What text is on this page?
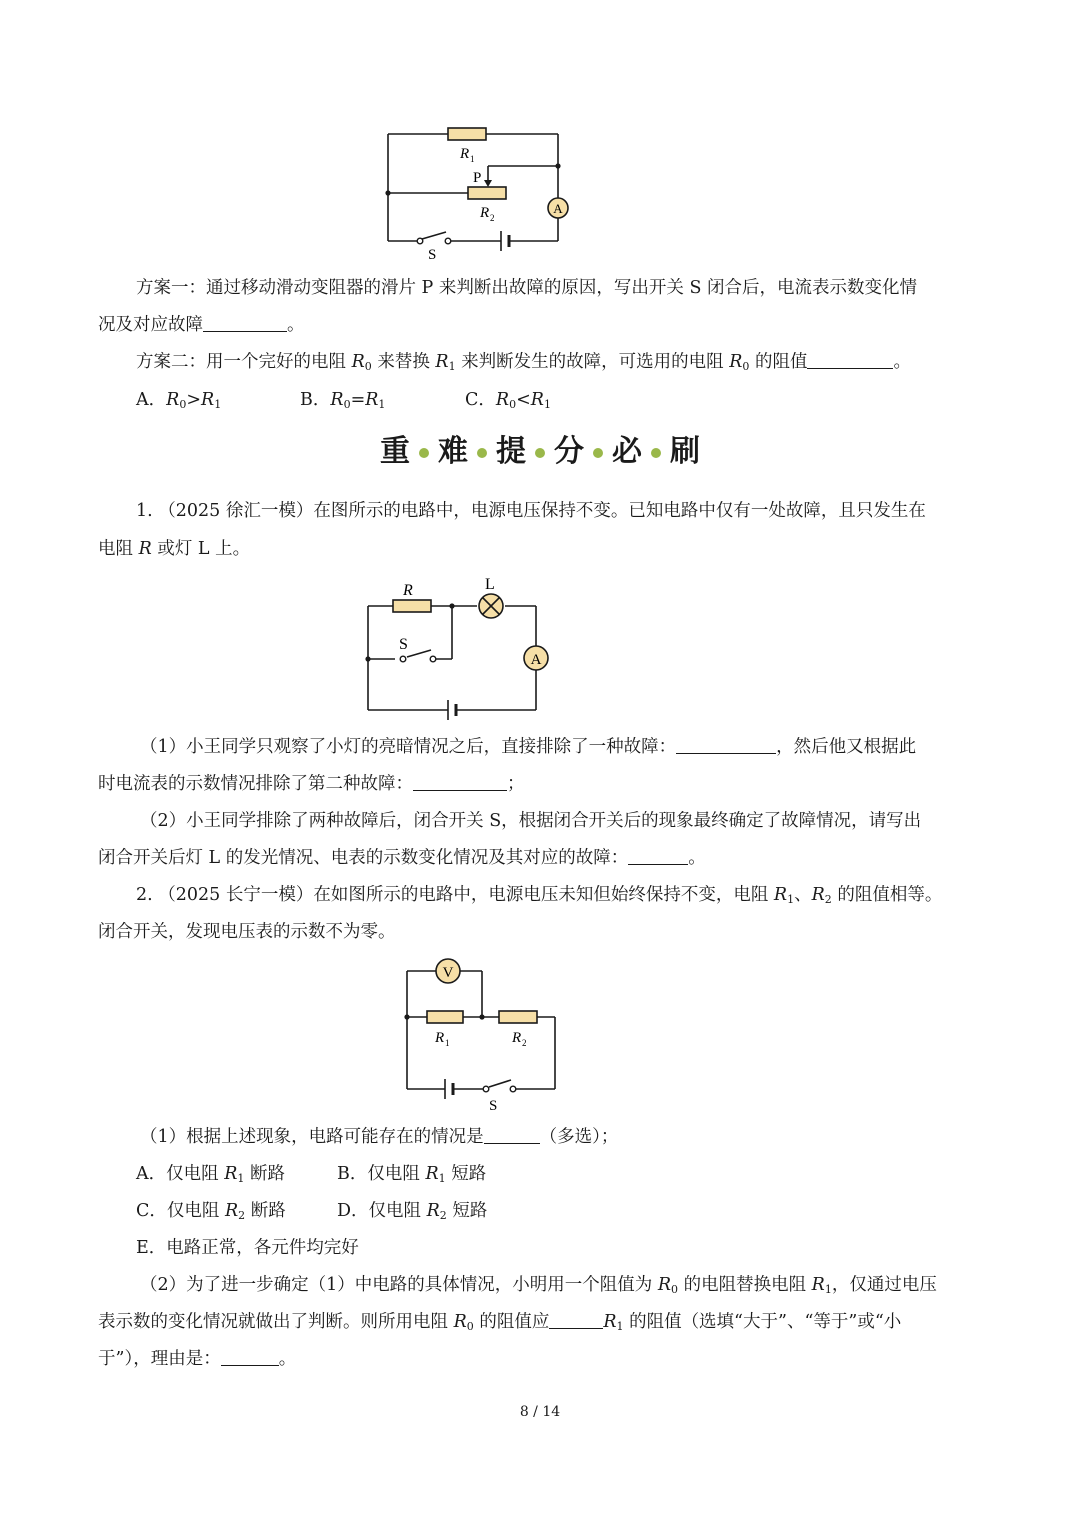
A
R 1
P
R 2
S
方案一：通过移动滑动变阻器的滑片 P 来判断出故障的原因，写出开关 S 闭合后，电流表示数变化情
况及对应故障	。
方案二：用一个完好的电阻 $R_0$ 来替换 $R_1$ 来判断发生的故障，可选用的电阻 $R_0$ 的阻值	。
A．$R_0>R_1$	B．$R_0=R_1$	C．$R_0<R_1$
重 难 提 分 必 刷
1. （2025 徐汇一模）在图所示的电路中，电源电压保持不变。已知电路中仅有一处故障，且只发生在
电阻 R 或灯 L 上。
A
R	L
S
（1）小王同学只观察了小灯的亮暗情况之后，直接排除了一种故障：	，然后他又根据此
时电流表的示数情况排除了第二种故障：	；
（2）小王同学排除了两种故障后，闭合开关 S，根据闭合开关后的现象最终确定了故障情况，请写出
闭合开关后灯 L 的发光情况、电表的示数变化情况及其对应的故障：	。
2. （2025 长宁一模）在如图所示的电路中，电源电压未知但始终保持不变，电阻 $R_1$、$R_2$ 的阻值相等。
闭合开关，发现电压表的示数不为零。
V
R 1	R 2
S
（1）根据上述现象，电路可能存在的情况是	（多选）；
A．仅电阻 $R_1$ 断路	B．仅电阻 $R_1$ 短路
C．仅电阻 $R_2$ 断路	D．仅电阻 $R_2$ 短路
E．电路正常，各元件均完好
（2）为了进一步确定（1）中电路的具体情况，小明用一个阻值为 $R_0$ 的电阻替换电阻 $R_1$，仅通过电压
表示数的变化情况就做出了判断。则所用电阻 $R_0$ 的阻值应	$R_1$ 的阻值（选填“大于”、“等于”或“小
于”），理由是：	。
8 / 14
